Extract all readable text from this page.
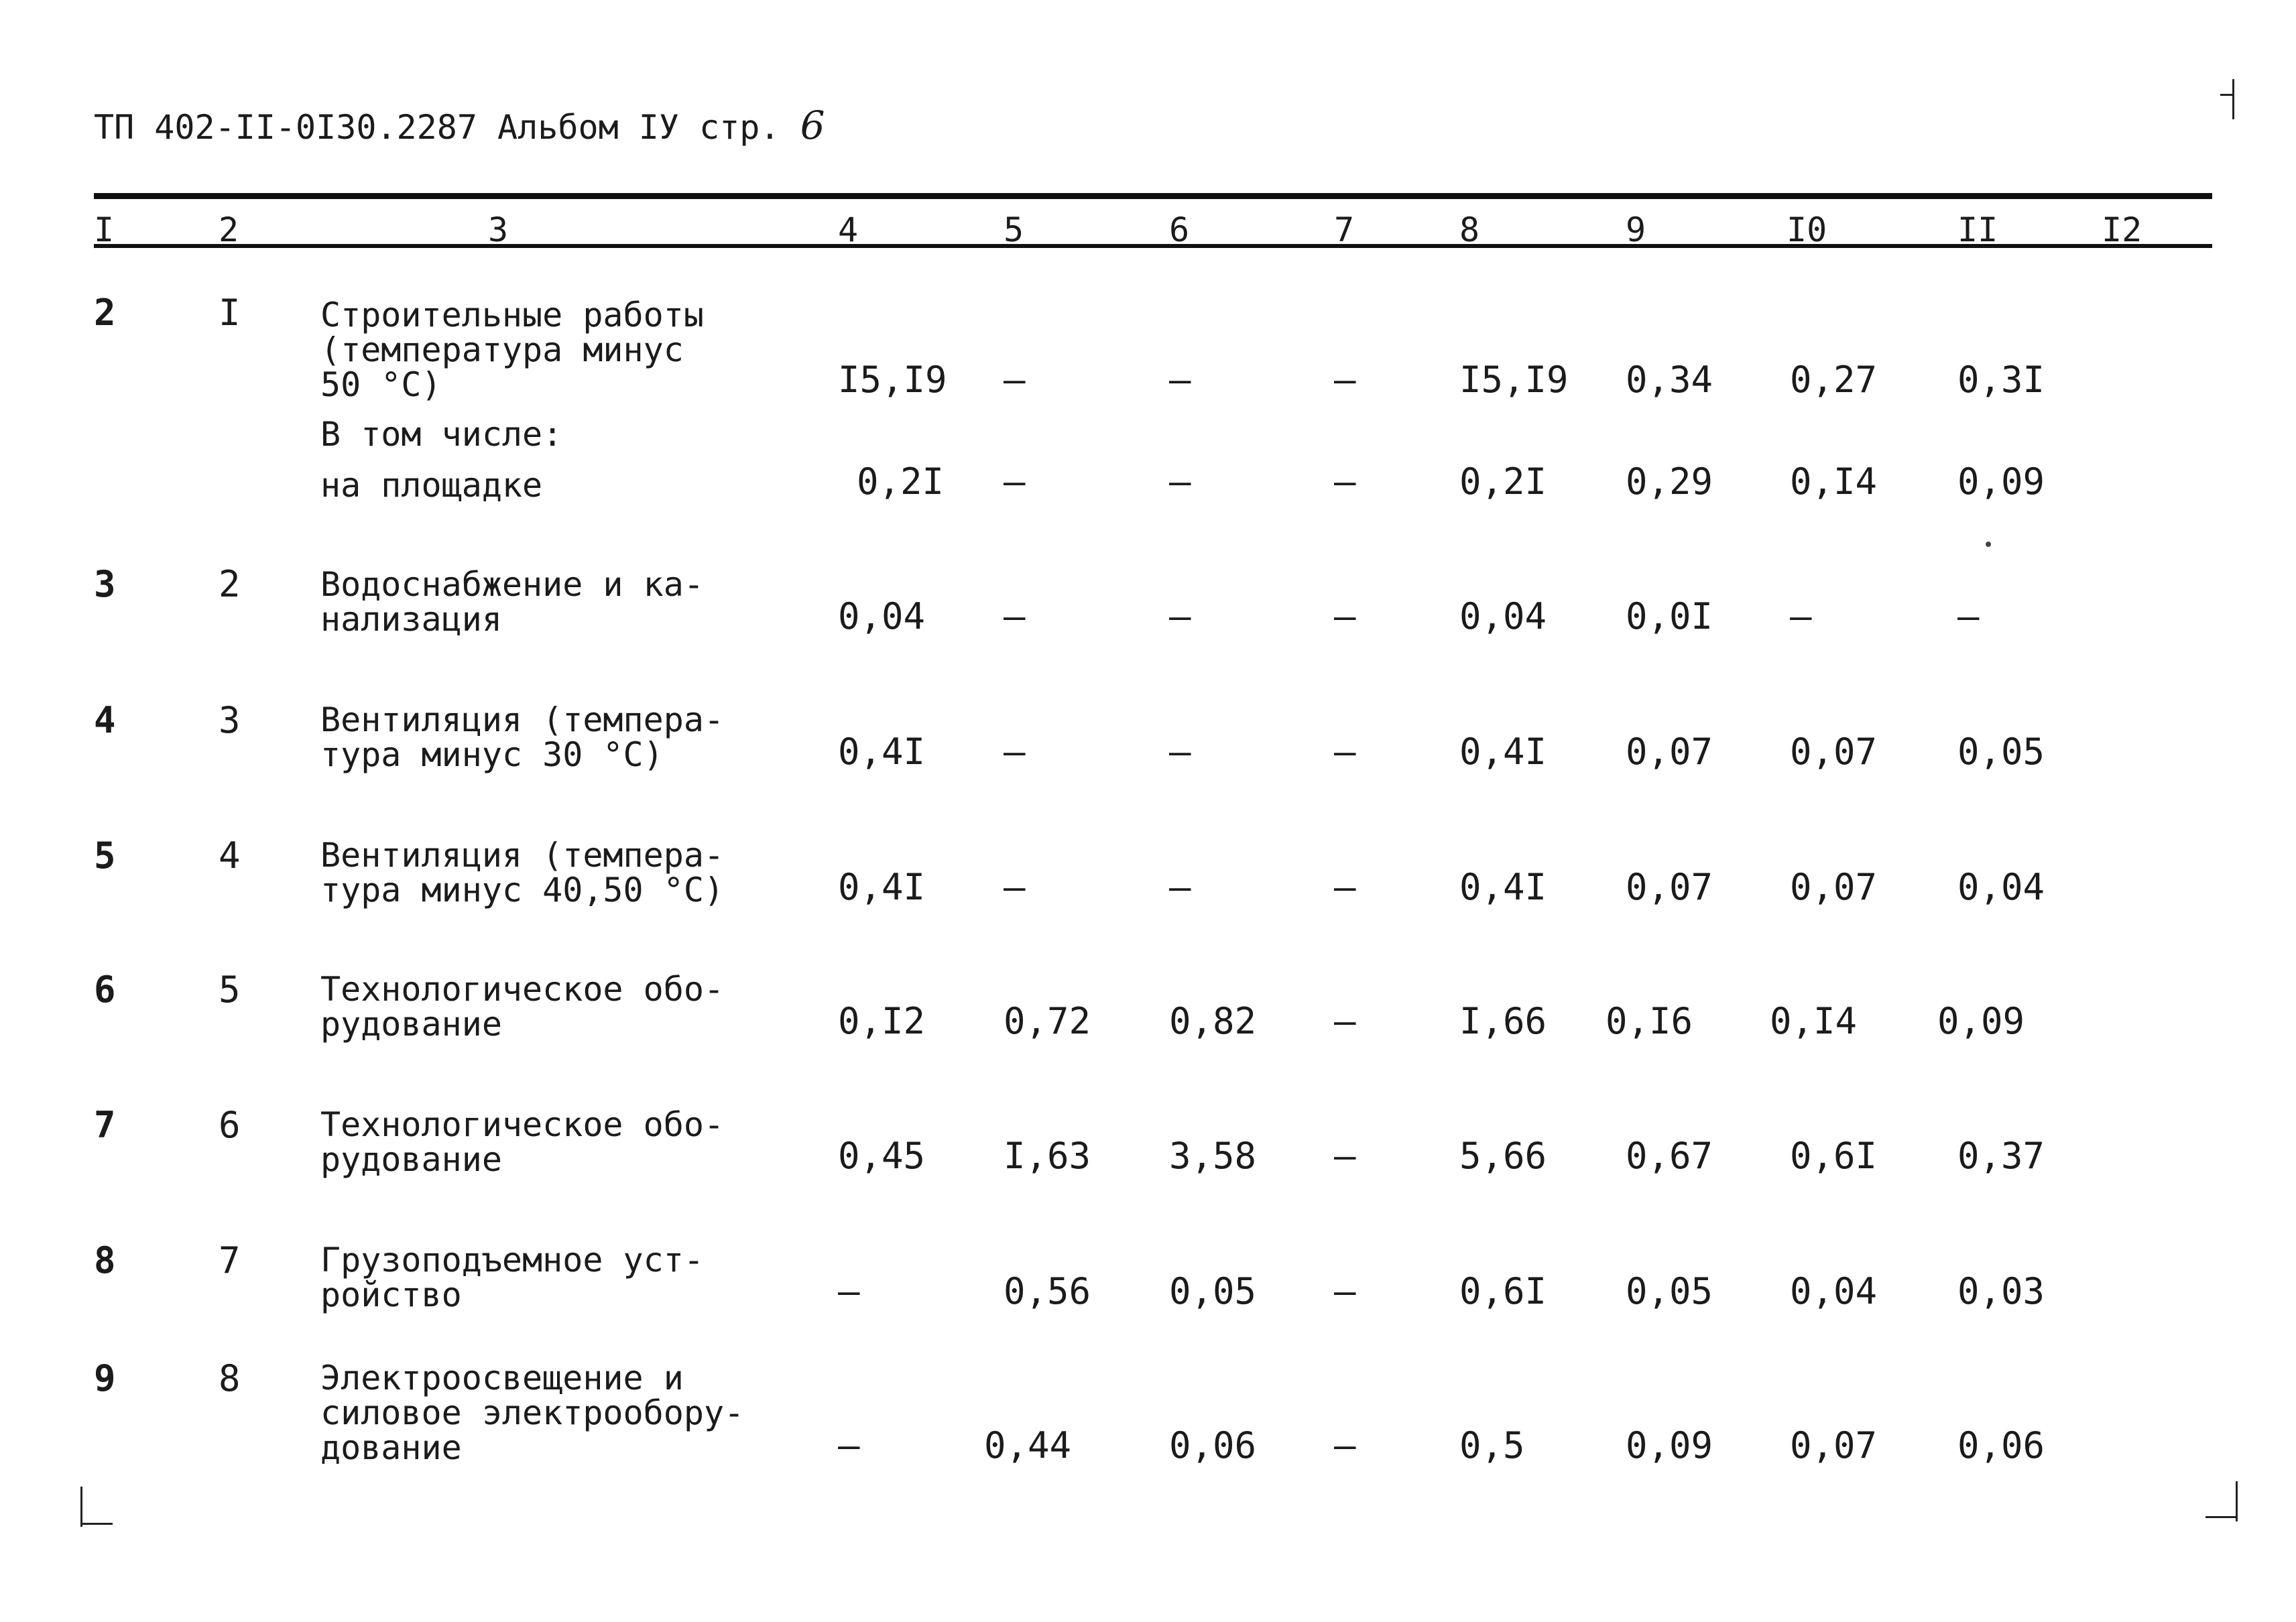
ТП 402-II-0I30.2287 Альбом IУ стр. 6
I	2	3	4	5	6	7	8	9	I0	II	I2
2	I Строительные работы
(температура минус
50 °С)	I5,I9 –	–	–	I5,I9 0,34 0,27 0,3I
В том числе:
на площадке	0,2I –	–	–	0,2I 0,29 0,I4 0,09
3	2 Водоснабжение и ка-
нализация	0,04 –	–	–	0,04 0,0I –	–
4	3 Вентиляция (темпера-
тура минус 30 °С)	0,4I –	–	–	0,4I 0,07 0,07 0,05
5	4 Вентиляция (темпера-
тура минус 40,50 °С)	0,4I –	–	–	0,4I 0,07 0,07 0,04
6	5 Технологическое обо-
рудование	0,I2 0,72 0,82 –	I,66 0,I6 0,I4 0,09
7	6 Технологическое обо-
рудование	0,45 I,63 3,58 –	5,66 0,67 0,6I 0,37
8	7 Грузоподъемное уст-
ройство	–	0,56 0,05 –	0,6I 0,05 0,04 0,03
9	8 Электроосвещение и
силовое электрообору-
дование	–	0,44	0,06 –	0,5	0,09 0,07 0,06
